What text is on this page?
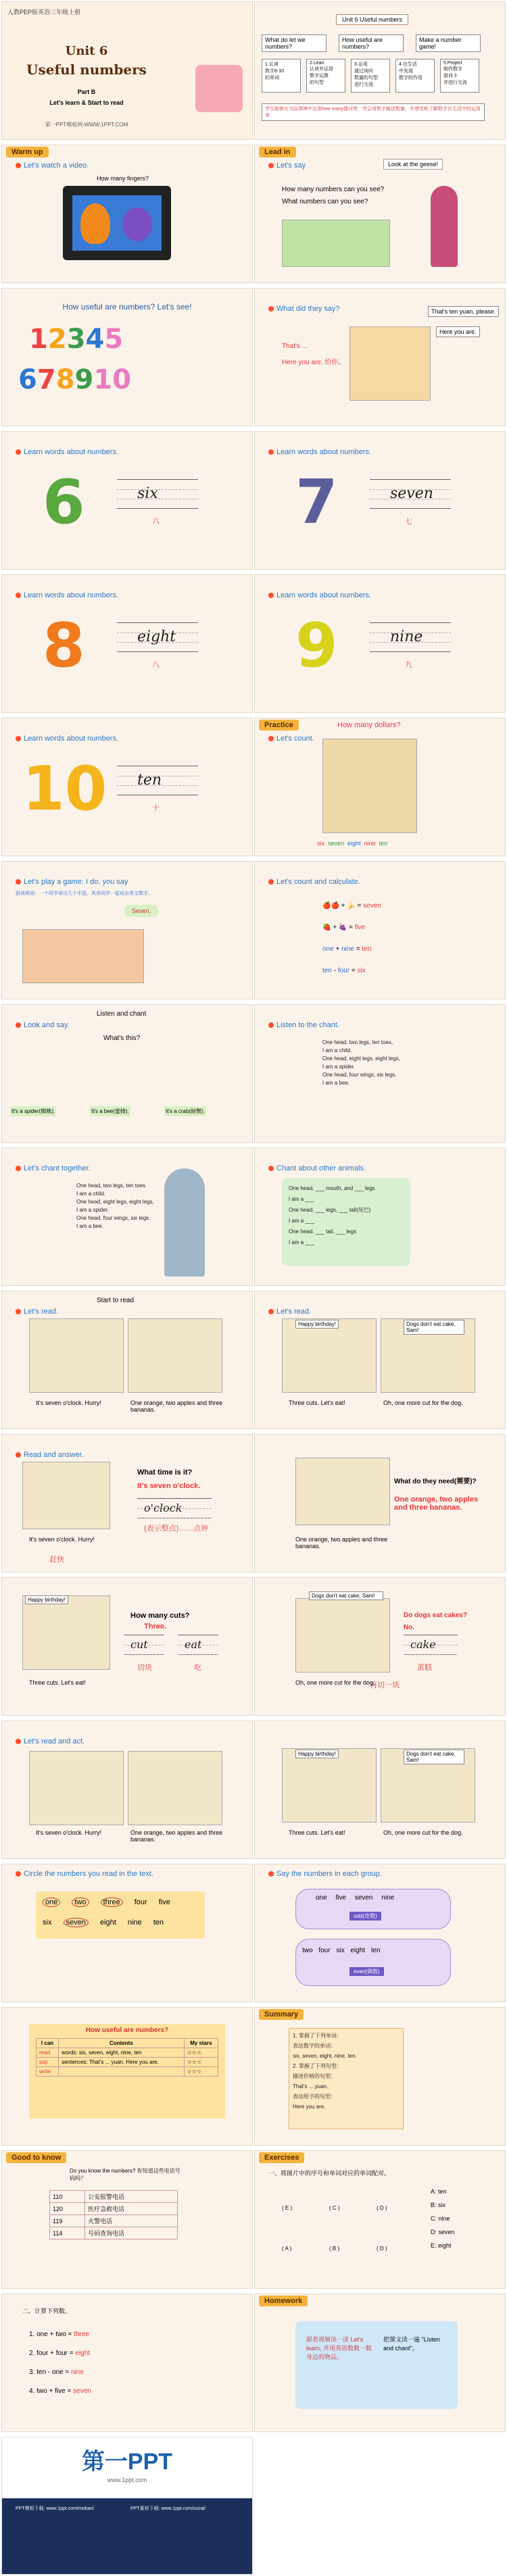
人教PEP版英语三年级上册
Unit 6
Useful numbers
Part B
Let's learn & Start to read
第一PPT模板网-WWW.1PPT.COM
Unit 6 Useful numbers
What do let we numbers?
How useful are numbers?
Make a number game!
1.认读
数字6-10
的单词
2.Lean
认读并运用
数字运算
的句型
3.运用
通过询问
数量的句型
进行交流
4.在生活
中发现
数字的作用
5.Project
制作数字
游戏卡
并进行交流
学生能够在交际情境中运用how many提问等，学会用数字描述数量，并感受和了解数字在生活中的运用等
Warm up
Let's watch a video.
How many fingers?
Lead in
Let's say	Look at the geese!
How many numbers can you see?
What numbers can you see?
How useful are numbers? Let's see!
12345
678910
What did they say?	That's ten yuan, please.
Here you are.
That's ...
Here you are. 给你。
Learn words about numbers.
6	six
六
Learn words about numbers.
7	seven
七
Learn words about numbers.
8	eight
八
Learn words about numbers.
9	nine
九
Learn words about numbers.
10 ten
十
Practice	How many dollars?
Let's count.
six seven eight nine ten
Let's play a game: I do, you say
游戏规则：一个同学拿出几个手指，其余同学一起说出英文数字。
Seven.
Let's count and calculate.
🍎🍎 + 🍌 = seven
🍓 + 🍇 = five
one + nine = ten
ten - four = six
Look and say.
Listen and chant
What's this?
It's a spider(蜘蛛).	It's a bee(蜜蜂).	It's a crab(螃蟹).
Listen to the chant.
One head, two legs, ten toes,
I am a child.
One head, eight legs, eight legs,
I am a spider.
One head, four wings, six legs.
I am a bee.
Let's chant together.
One head, two legs, ten toes.
I am a child.
One head, eight legs, eight legs,
I am a spider.
One head, four wings, six legs.
I am a bee.
Chant about other animals.
One head, ___ mouth, and ___ legs
I am a ___
One head, ___ legs, ___ tail(尾巴)
I am a ___
One head, ___ tail, ___ legs
I am a ___
Let's read.
Start to read
It's seven o'clock. Hurry!	One orange, two apples and three bananas.
Let's read.
Happy birthday!	Dogs don't eat cake, Sam!
Three cuts. Let's eat!	Oh, one more cut for the dog.
Read and answer.
What time is it?
It's seven o'clock.
o'clock
(表示整点)……点钟
It's seven o'clock. Hurry!
赶快
What do they need(需要)?
One orange, two apples and three bananas.
One orange, two apples and three bananas.
Happy birthday!
How many cuts?
Three.
cut	eat
切块	吃
Three cuts. Let's eat!
Dogs don't eat cake, Sam!
Do dogs eat cakes?
No.
cake
蛋糕
Oh, one more cut for the dog.
再切一块
Let's read and act.
It's seven o'clock. Hurry!	One orange, two apples and three bananas.
Happy birthday!	Dogs don't eat cake, Sam!
Three cuts. Let's eat!	Oh, one more cut for the dog.
Circle the numbers you read in the text.
one two three four five
six seven eight nine ten
Say the numbers in each group.
one five seven nine
odd(奇数)
two four six eight ten
even(偶数)
How useful are numbers?
I can	Contents	My stars
read	words: six, seven, eight, nine, ten	☆☆☆
say	sentences: That's ... yuan. Here you are.	☆☆☆
write		☆☆☆
Summary
1. 掌握了下列单词：
表达数字的单词：
six, seven, eight, nine, ten.
2. 掌握了下列句型：
描述价格的句型：
That's ... yuan.
表达给予的句型：
Here you are.
Good to know
Do you know the numbers? 你知道这些电话号码吗？
110	公安报警电话
120	医疗急救电话
119	火警电话
114	号码查询电话
Exercises
一、将图片中的序号和单词对应的单词配对。
( E )	( C )	( D )
( A )	( B )	( D )
A: ten
B: six
C: nine
D: seven
E: eight
二、计算下列数。
1. one + two = three
2. four + four = eight
3. ten - one = nine
4. two + five = seven
Homework
跟着视频读一读 Let's learn, 并用英语数数一数身边的物品。
把课文读一遍 "Listen and chant"。
第一PPT
www.1ppt.com
PPT模板下载: www.1ppt.com/moban/	PPT素材下载: www.1ppt.com/sucai/
